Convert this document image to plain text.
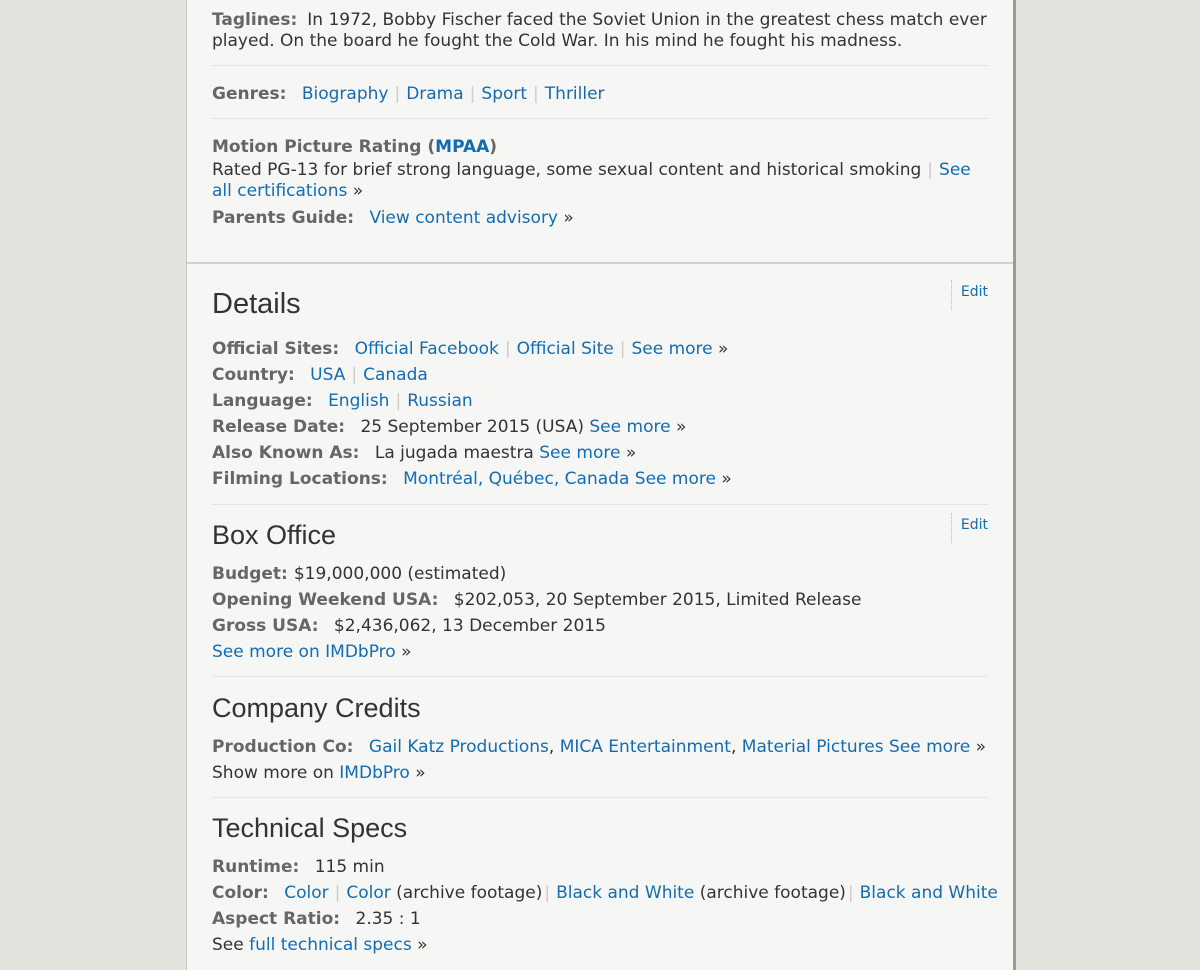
Taglines: In 1972, Bobby Fischer faced the Soviet Union in the greatest chess match ever played. On the board he fought the Cold War. In his mind he fought his madness.
Genres: Biography | Drama | Sport | Thriller
Motion Picture Rating (MPAA)
Rated PG-13 for brief strong language, some sexual content and historical smoking | See all certifications »
Parents Guide: View content advisory »
Details	Edit
Official Sites: Official Facebook | Official Site | See more »
Country: USA | Canada
Language: English | Russian
Release Date: 25 September 2015 (USA) See more »
Also Known As: La jugada maestra See more »
Filming Locations: Montréal, Québec, Canada See more »
Box Office	Edit
Budget: $19,000,000 (estimated)
Opening Weekend USA: $202,053, 20 September 2015, Limited Release
Gross USA: $2,436,062, 13 December 2015
See more on IMDbPro »
Company Credits
Production Co: Gail Katz Productions, MICA Entertainment, Material Pictures See more »
Show more on IMDbPro »
Technical Specs
Runtime: 115 min
Color: Color | Color (archive footage) | Black and White (archive footage) | Black and White
Aspect Ratio: 2.35 : 1
See full technical specs »
